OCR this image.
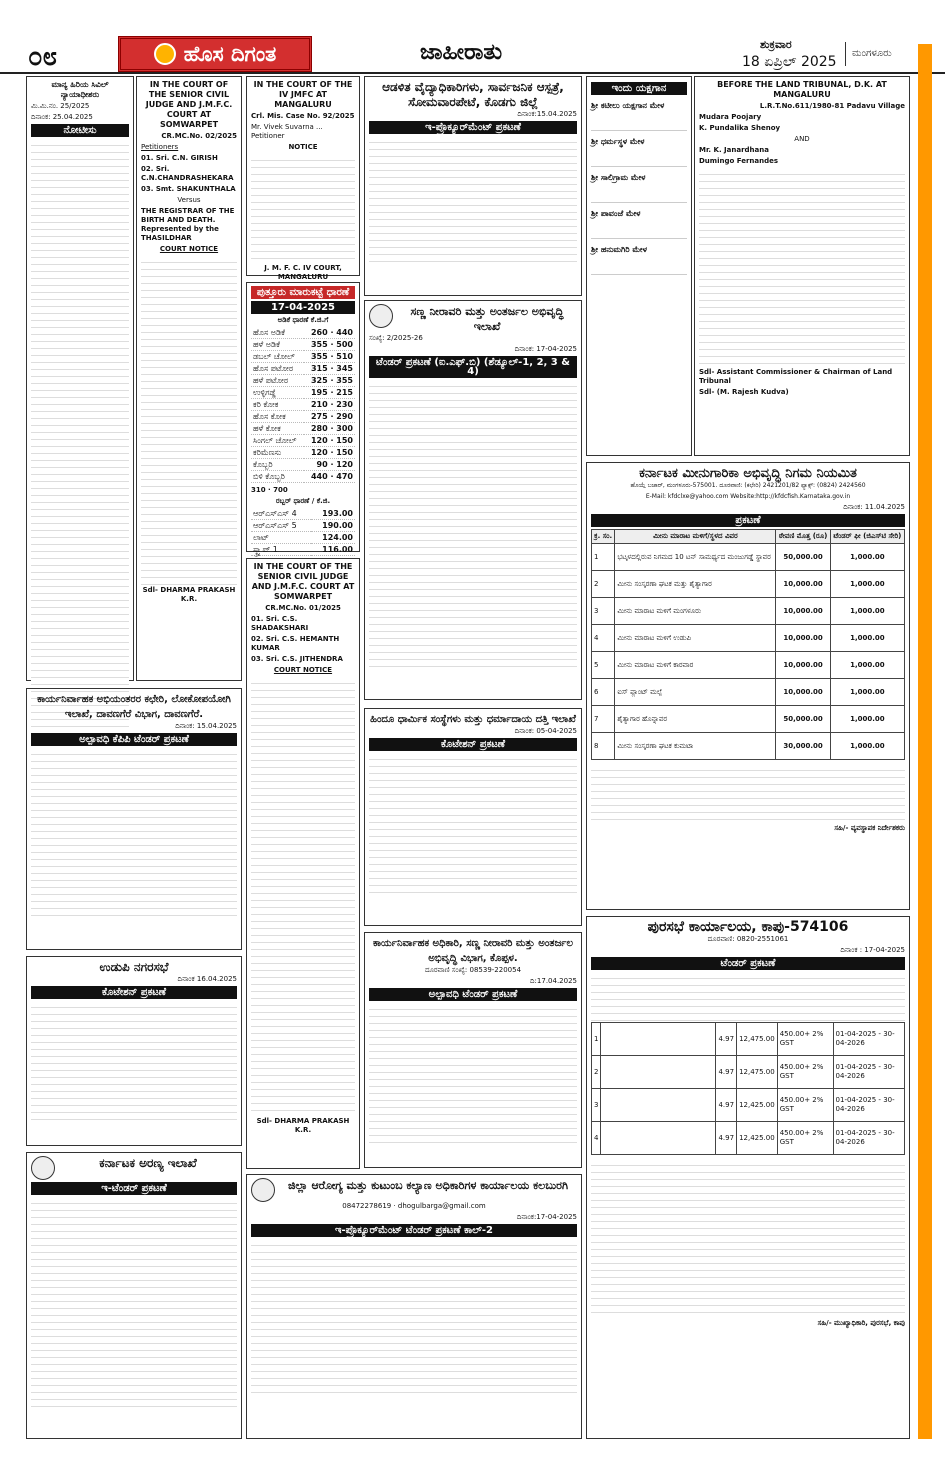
೦೮	ಹೊಸ ದಿಗಂತ	ಜಾಹೀರಾತು	ಶುಕ್ರವಾರ
18 ಏಪ್ರಿಲ್ 2025
ಮಂಗಳೂರು
ಮಾನ್ಯ ಹಿರಿಯ ಸಿವಿಲ್ ನ್ಯಾಯಾಧೀಶರು

ಮಿ.ಮಿ.ನಂ. 25/2025

ದಿನಾಂಕ: 25.04.2025

ನೋಟೀಸು
IN THE COURT OF THE SENIOR CIVIL JUDGE AND J.M.F.C. COURT AT SOMWARPET

CR.MC.No. 02/2025

Petitioners

01. Sri. C.N. GIRISH

02. Sri. C.N.CHANDRASHEKARA

03. Smt. SHAKUNTHALA

Versus

THE REGISTRAR OF THE BIRTH AND DEATH. Represented by the THASILDHAR

COURT NOTICE

Sdl- DHARMA PRAKASH K.R.

IN THE COURT OF THE IV JMFC AT MANGALURU

Crl. Mis. Case No. 92/2025

Mr. Vivek Suvarna ... Petitioner

NOTICE

J. M. F. C. IV COURT, MANGALURU

ಪುತ್ತೂರು ಮಾರುಕಟ್ಟೆ ಧಾರಣೆ
17-04-2025

ಅಡಿಕೆ ಧಾರಣೆ ಕೆ.ಜಿ.ಗೆ

ಹೊಸ ಅಡಿಕೆ	260 · 440
ಹಳೆ ಅಡಿಕೆ	355 · 500
ಡಬಲ್ ಚೋಲ್	355 · 510
ಹೊಸ ಪಟೋರ	315 · 345
ಹಳೆ ಪಟೋರ	325 · 355
ಉಳ್ಳಿಗಡ್ಡೆ	195 · 215
ಕರಿ ಕೋಕ	210 · 230
ಹೊಸ ಕೋಕ	275 · 290
ಹಳೆ ಕೋಕ	280 · 300
ಸಿಂಗಲ್ ಚೋಲ್	120 · 150
ಕರಿಮೆಣಸು	120 · 150
ಕೊಬ್ಬರಿ	90 · 120
ಬಿಳಿ ಕೊಬ್ಬರಿ	440 · 470

310 · 700

ರಬ್ಬರ್ ಧಾರಣೆ / ಕೆ.ಜಿ.

ಆರ್‌ಎಸ್‌ಎಸ್ 4	193.00
ಆರ್‌ಎಸ್‌ಎಸ್ 5	190.00
ಲಾಟ್	124.00
ಸ್ಕ್ರ್ಯಾಪ್ 1	116.00
IN THE COURT OF THE SENIOR CIVIL JUDGE AND J.M.F.C. COURT AT SOMWARPET

CR.MC.No. 01/2025

01. Sri. C.S. SHADAKSHARI

02. Sri. C.S. HEMANTH KUMAR

03. Sri. C.S. JITHENDRA

COURT NOTICE

Sdl- DHARMA PRAKASH K.R.

ಆಡಳಿತ ವೈದ್ಯಾಧಿಕಾರಿಗಳು, ಸಾರ್ವಜನಿಕ ಆಸ್ಪತ್ರೆ, ಸೋಮವಾರಪೇಟೆ, ಕೊಡಗು ಜಿಲ್ಲೆ

ದಿನಾಂಕ:15.04.2025

ಇ-ಪ್ರೊಕ್ಯೂರ್‌ಮೆಂಟ್ ಪ್ರಕಟಣೆ
ಸಣ್ಣ ನೀರಾವರಿ ಮತ್ತು ಅಂತರ್ಜಲ ಅಭಿವೃದ್ಧಿ ಇಲಾಖೆ

ಸಂಖ್ಯೆ: 2/2025-26

ದಿನಾಂಕ: 17-04-2025

ಟೆಂಡರ್ ಪ್ರಕಟಣೆ (ಐ.ಎಫ್.ಬಿ) (ಶೆಡ್ಯೂಲ್-1, 2, 3 & 4)
ಇಂದು ಯಕ್ಷಗಾನ
ಶ್ರೀ ಕಟೀಲು ಯಕ್ಷಗಾನ ಮೇಳ
ಶ್ರೀ ಧರ್ಮಸ್ಥಳ ಮೇಳ
ಶ್ರೀ ಸಾಲಿಗ್ರಾಮ ಮೇಳ
ಶ್ರೀ ಪಾವಂಜೆ ಮೇಳ
ಶ್ರೀ ಹನುಮಗಿರಿ ಮೇಳ
BEFORE THE LAND TRIBUNAL, D.K. AT MANGALURU

L.R.T.No.611/1980-81 Padavu Village

Mudara Poojary

K. Pundalika Shenoy

AND

Mr. K. Janardhana

Dumingo Fernandes

Sdl- Assistant Commissioner & Chairman of Land Tribunal

Sdl- (M. Rajesh Kudva)

ಕಾರ್ಯನಿರ್ವಾಹಕ ಅಭಿಯಂತರರ ಕಛೇರಿ, ಲೋಕೋಪಯೋಗಿ ಇಲಾಖೆ, ದಾವಣಗೆರೆ ವಿಭಾಗ, ದಾವಣಗೆರೆ.

ದಿನಾಂಕ: 15.04.2025

ಅಲ್ಪಾವಧಿ ಕೆಪಿಪಿ ಟೆಂಡರ್ ಪ್ರಕಟಣೆ
ಉಡುಪಿ ನಗರಸಭೆ

ದಿನಾಂಕ 16.04.2025

ಕೊಟೇಶನ್ ಪ್ರಕಟಣೆ
ಹಿಂದೂ ಧಾರ್ಮಿಕ ಸಂಸ್ಥೆಗಳು ಮತ್ತು ಧರ್ಮಾದಾಯ ದತ್ತಿ ಇಲಾಖೆ

ದಿನಾಂಕ: 05-04-2025

ಕೊಟೇಶನ್ ಪ್ರಕಟಣೆ
ಕಾರ್ಯನಿರ್ವಾಹಕ ಅಧಿಕಾರಿ, ಸಣ್ಣ ನೀರಾವರಿ ಮತ್ತು ಅಂತರ್ಜಲ ಅಭಿವೃದ್ಧಿ ವಿಭಾಗ, ಕೊಪ್ಪಳ.

ದೂರವಾಣಿ ಸಂಖ್ಯೆ: 08539-220054

ದಿ:17.04.2025

ಅಲ್ಪಾವಧಿ ಟೆಂಡರ್ ಪ್ರಕಟಣೆ
ಕರ್ನಾಟಕ ಮೀನುಗಾರಿಕಾ ಅಭಿವೃದ್ಧಿ ನಿಗಮ ನಿಯಮಿತ

ಹೊಯ್ಗೆ ಬಜಾರ್, ಮಂಗಳೂರು-575001. ದೂರವಾಣಿ: (ಕಛೇರಿ) 2421201/82 ಫ್ಯಾಕ್ಸ್: (0824) 2424560

E-Mail: kfdclxe@yahoo.com Website:http://kfdcfish.Karnataka.gov.in

ದಿನಾಂಕ: 11.04.2025

ಪ್ರಕಟಣೆ
ಕ್ರ. ಸಂ.	ಮೀನು ಮಾರಾಟ ಮಳಿಗೆ/ಸ್ಥಳದ ವಿವರ	ಠೇವಣಿ ಮೊತ್ತ (ರೂ)	ಟೆಂಡರ್ ಫೀ (ಜಿಎಸ್‌ಟಿ ಸೇರಿ)
1	ಭಟ್ಕಳದಲ್ಲಿರುವ ನಿಗಮದ 10 ಟನ್ ಸಾಮರ್ಥ್ಯದ ಮಂಜುಗಡ್ಡೆ ಸ್ಥಾವರ	50,000.00	1,000.00
2	ಮೀನು ಸಂಸ್ಕರಣಾ ಘಟಕ ಮತ್ತು ಶೈತ್ಯಾಗಾರ	10,000.00	1,000.00
3	ಮೀನು ಮಾರಾಟ ಮಳಿಗೆ ಮಂಗಳೂರು	10,000.00	1,000.00
4	ಮೀನು ಮಾರಾಟ ಮಳಿಗೆ ಉಡುಪಿ	10,000.00	1,000.00
5	ಮೀನು ಮಾರಾಟ ಮಳಿಗೆ ಕಾರವಾರ	10,000.00	1,000.00
6	ಐಸ್ ಪ್ಲಾಂಟ್ ಮಲ್ಪೆ	10,000.00	1,000.00
7	ಶೈತ್ಯಾಗಾರ ಹೊನ್ನಾವರ	50,000.00	1,000.00
8	ಮೀನು ಸಂಸ್ಕರಣಾ ಘಟಕ ಕುಮಟಾ	30,000.00	1,000.00

ಸಹಿ/- ವ್ಯವಸ್ಥಾಪಕ ನಿರ್ದೇಶಕರು

ಪುರಸಭೆ ಕಾರ್ಯಾಲಯ, ಕಾಪು-574106

ದೂರವಾಣಿ: 0820-2551061

ದಿನಾಂಕ : 17-04-2025

ಟೆಂಡರ್ ಪ್ರಕಟಣೆ
1		4.97	12,475.00	450.00+ 2% GST	01-04-2025 - 30-04-2026
2		4.97	12,475.00	450.00+ 2% GST	01-04-2025 - 30-04-2026
3		4.97	12,425.00	450.00+ 2% GST	01-04-2025 - 30-04-2026
4		4.97	12,425.00	450.00+ 2% GST	01-04-2025 - 30-04-2026

ಸಹಿ/- ಮುಖ್ಯಾಧಿಕಾರಿ, ಪುರಸಭೆ, ಕಾಪು

ಕರ್ನಾಟಕ ಅರಣ್ಯ ಇಲಾಖೆ
ಇ-ಟೆಂಡರ್ ಪ್ರಕಟಣೆ	ಜಿಲ್ಲಾ ಆರೋಗ್ಯ ಮತ್ತು ಕುಟುಂಬ ಕಲ್ಯಾಣ ಅಧಿಕಾರಿಗಳ ಕಾರ್ಯಾಲಯ ಕಲಬುರಗಿ

08472278619 · dhogulbarga@gmail.com

ದಿನಾಂಕ:17-04-2025

ಇ-ಪ್ರೊಕ್ಯೂರ್‌ಮೆಂಟ್ ಟೆಂಡರ್ ಪ್ರಕಟಣೆ ಕಾಲ್-2
